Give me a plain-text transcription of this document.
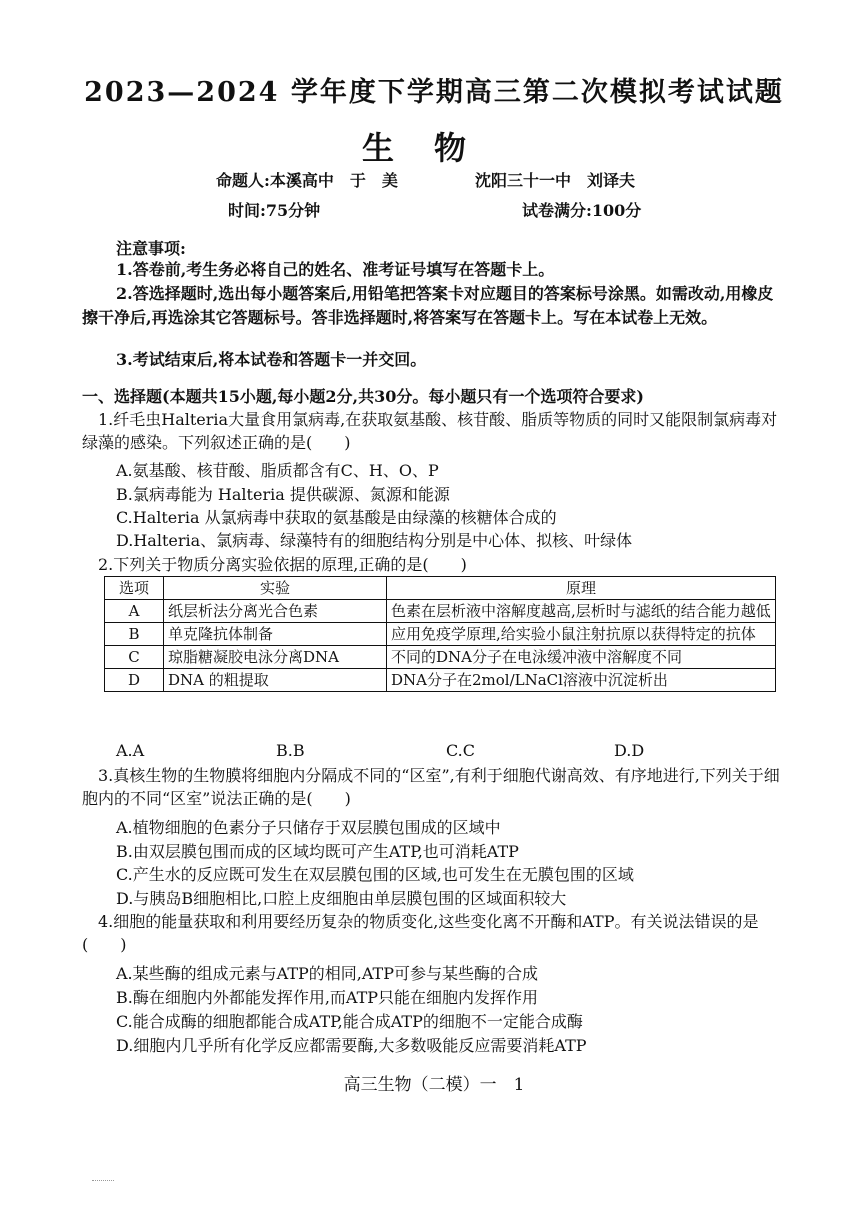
2023—2024 学年度下学期高三第二次模拟考试试题
生物
命题人:本溪高中　于　美	沈阳三十一中　刘译夫
时间:75分钟	试卷满分:100分
注意事项:
1.答卷前,考生务必将自己的姓名、准考证号填写在答题卡上。
2.答选择题时,选出每小题答案后,用铅笔把答案卡对应题目的答案标号涂黑。如需改动,用橡皮擦干净后,再选涂其它答题标号。答非选择题时,将答案写在答题卡上。写在本试卷上无效。
3.考试结束后,将本试卷和答题卡一并交回。
一、选择题(本题共15小题,每小题2分,共30分。每小题只有一个选项符合要求)
1.纤毛虫Halteria大量食用氯病毒,在获取氨基酸、核苷酸、脂质等物质的同时又能限制氯病毒对绿藻的感染。下列叙述正确的是(　　)
A.氨基酸、核苷酸、脂质都含有C、H、O、P
B.氯病毒能为 Halteria 提供碳源、氮源和能源
C.Halteria 从氯病毒中获取的氨基酸是由绿藻的核糖体合成的
D.Halteria、氯病毒、绿藻特有的细胞结构分别是中心体、拟核、叶绿体
2.下列关于物质分离实验依据的原理,正确的是(　　)
选项	实验	原理
A	纸层析法分离光合色素	色素在层析液中溶解度越高,层析时与滤纸的结合能力越低
B	单克隆抗体制备	应用免疫学原理,给实验小鼠注射抗原以获得特定的抗体
C	琼脂糖凝胶电泳分离DNA	不同的DNA分子在电泳缓冲液中溶解度不同
D	DNA 的粗提取	DNA分子在2mol/LNaCl溶液中沉淀析出
A.A	B.B	C.C	D.D
3.真核生物的生物膜将细胞内分隔成不同的“区室”,有利于细胞代谢高效、有序地进行,下列关于细胞内的不同“区室”说法正确的是(　　)
A.植物细胞的色素分子只储存于双层膜包围成的区域中
B.由双层膜包围而成的区域均既可产生ATP,也可消耗ATP
C.产生水的反应既可发生在双层膜包围的区域,也可发生在无膜包围的区域
D.与胰岛B细胞相比,口腔上皮细胞由单层膜包围的区域面积较大
4.细胞的能量获取和利用要经历复杂的物质变化,这些变化离不开酶和ATP。有关说法错误的是(　　)
A.某些酶的组成元素与ATP的相同,ATP可参与某些酶的合成
B.酶在细胞内外都能发挥作用,而ATP只能在细胞内发挥作用
C.能合成酶的细胞都能合成ATP,能合成ATP的细胞不一定能合成酶
D.细胞内几乎所有化学反应都需要酶,大多数吸能反应需要消耗ATP
高三生物（二模）一　1
